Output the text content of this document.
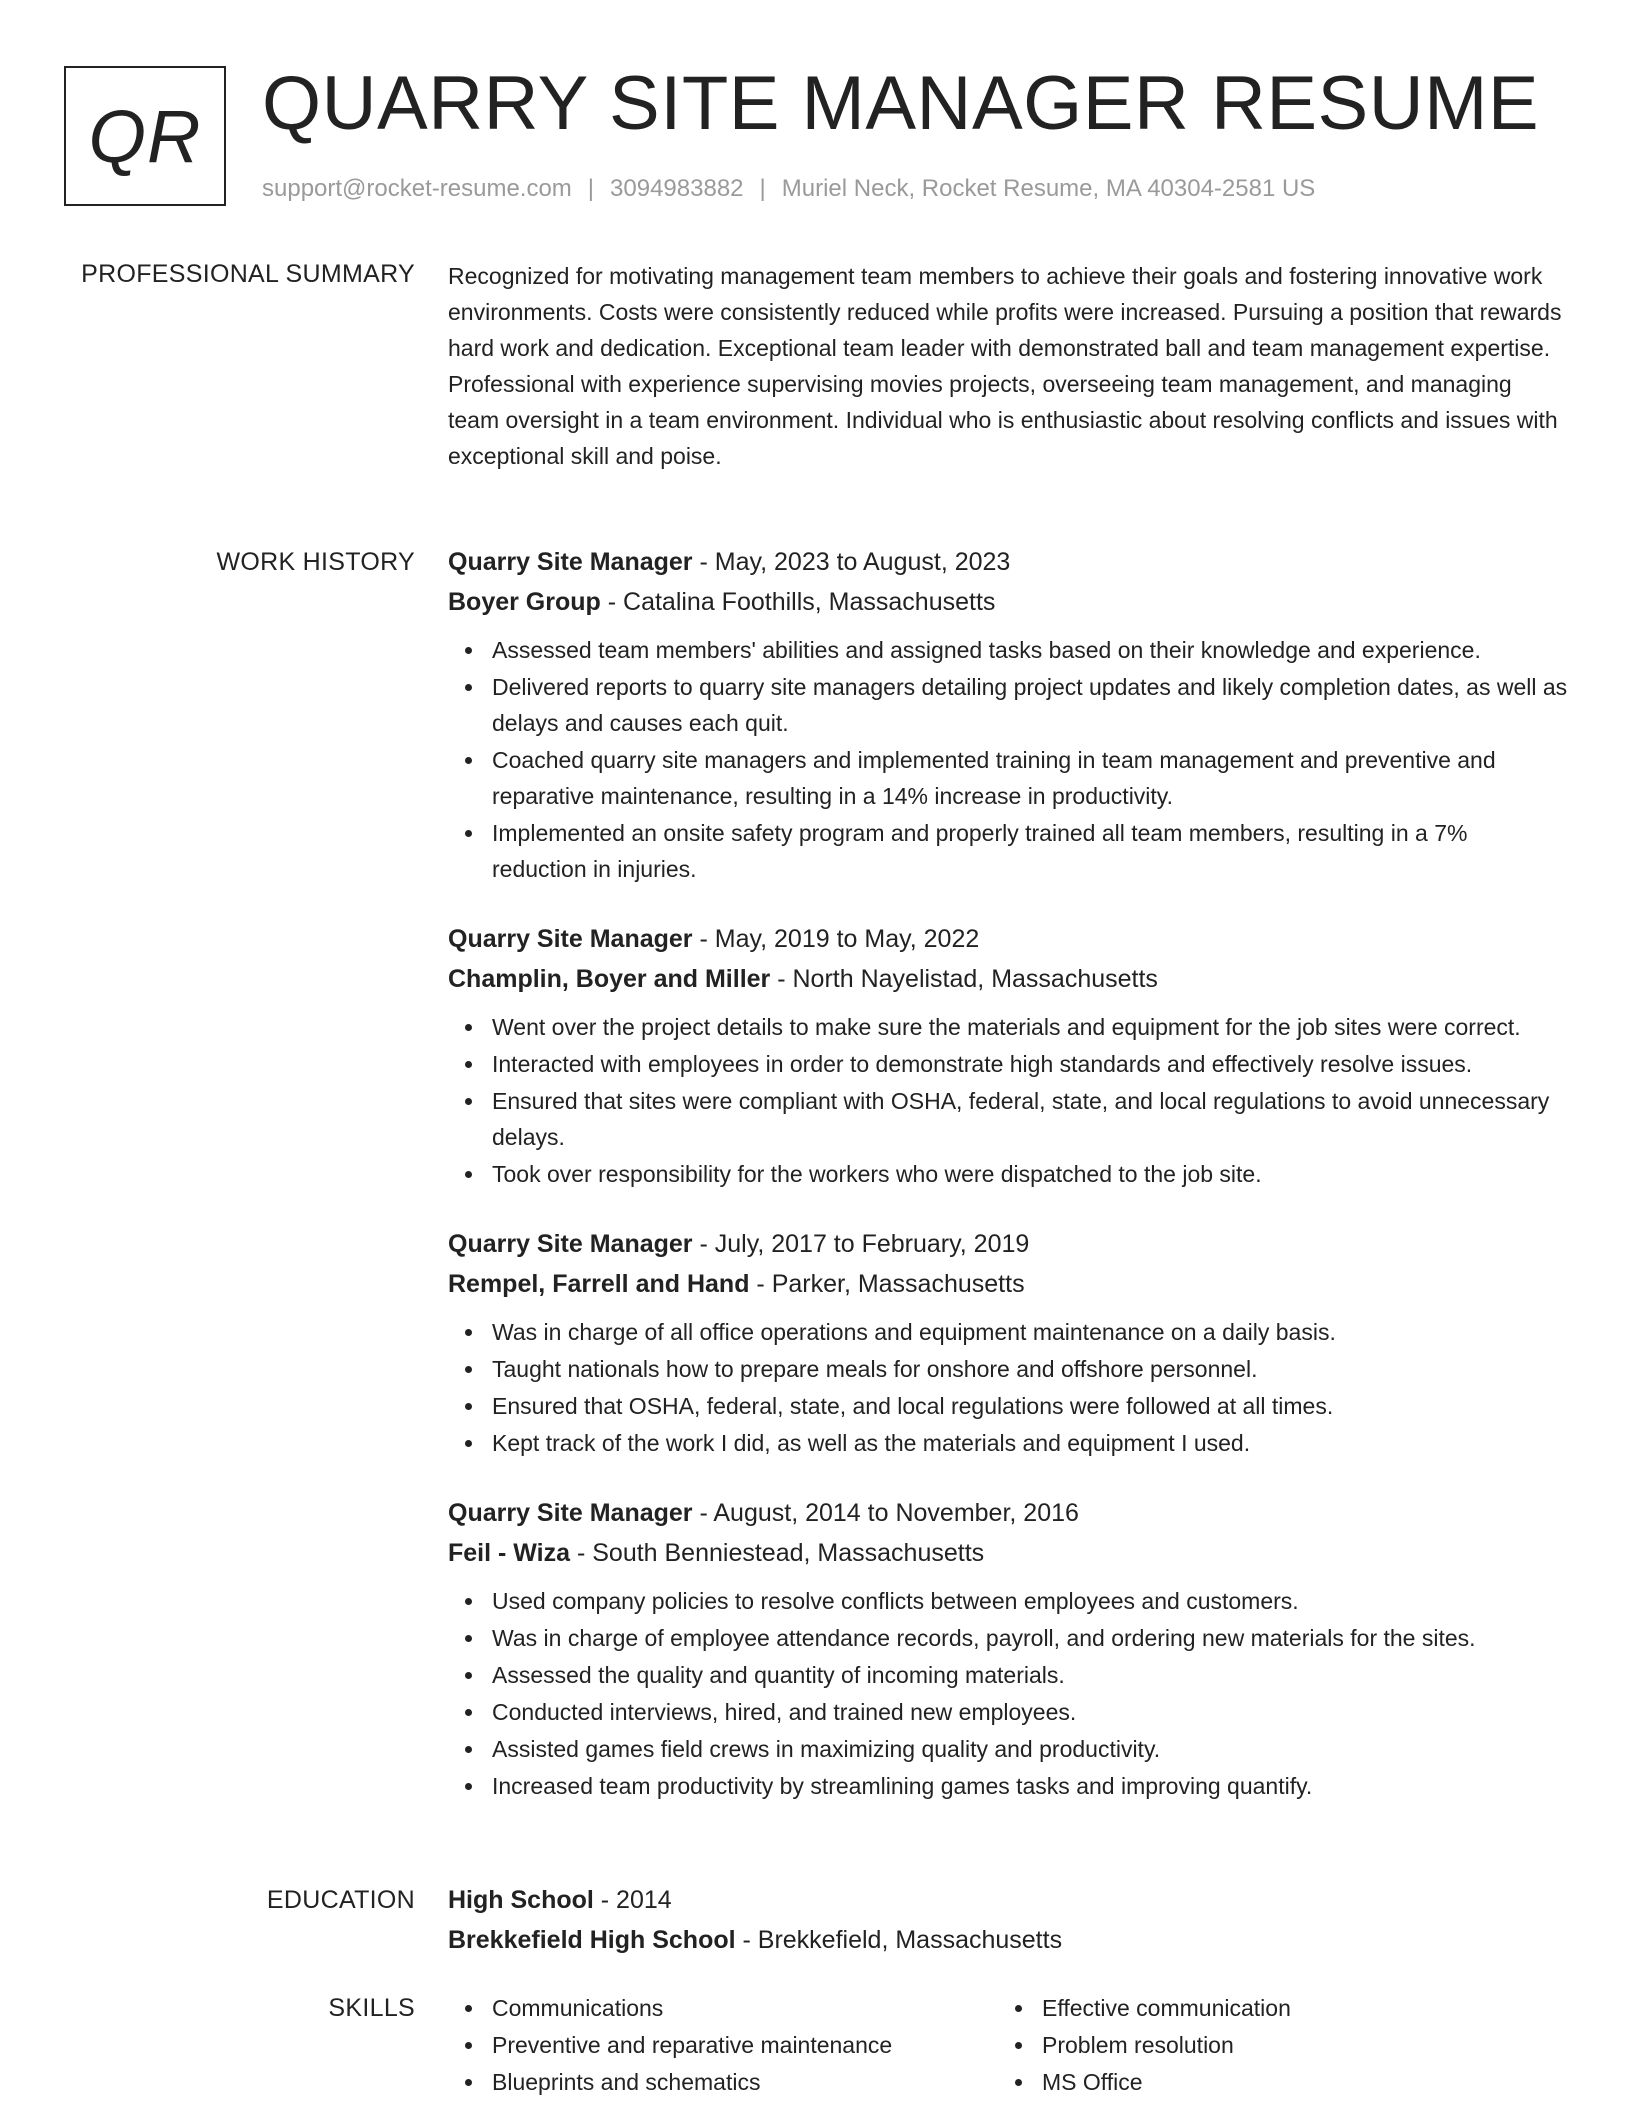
QR QUARRY SITE MANAGER RESUME
support@rocket-resume.com | 3094983882 | Muriel Neck, Rocket Resume, MA 40304-2581 US
PROFESSIONAL SUMMARY Recognized for motivating management team members to achieve their goals and fostering innovative work environments. Costs were consistently reduced while profits were increased. Pursuing a position that rewards hard work and dedication. Exceptional team leader with demonstrated ball and team management expertise. Professional with experience supervising movies projects, overseeing team management, and managing team oversight in a team environment. Individual who is enthusiastic about resolving conflicts and issues with exceptional skill and poise.

WORK HISTORY Quarry Site Manager - May, 2023 to August, 2023
Boyer Group - Catalina Foothills, Massachusetts
Assessed team members' abilities and assigned tasks based on their knowledge and experience.
Delivered reports to quarry site managers detailing project updates and likely completion dates, as well as delays and causes each quit.
Coached quarry site managers and implemented training in team management and preventive and reparative maintenance, resulting in a 14% increase in productivity.
Implemented an onsite safety program and properly trained all team members, resulting in a 7% reduction in injuries.
Quarry Site Manager - May, 2019 to May, 2022
Champlin, Boyer and Miller - North Nayelistad, Massachusetts
Went over the project details to make sure the materials and equipment for the job sites were correct.
Interacted with employees in order to demonstrate high standards and effectively resolve issues.
Ensured that sites were compliant with OSHA, federal, state, and local regulations to avoid unnecessary delays.
Took over responsibility for the workers who were dispatched to the job site.
Quarry Site Manager - July, 2017 to February, 2019
Rempel, Farrell and Hand - Parker, Massachusetts
Was in charge of all office operations and equipment maintenance on a daily basis.
Taught nationals how to prepare meals for onshore and offshore personnel.
Ensured that OSHA, federal, state, and local regulations were followed at all times.
Kept track of the work I did, as well as the materials and equipment I used.
Quarry Site Manager - August, 2014 to November, 2016
Feil - Wiza - South Benniestead, Massachusetts
Used company policies to resolve conflicts between employees and customers.
Was in charge of employee attendance records, payroll, and ordering new materials for the sites.
Assessed the quality and quantity of incoming materials.
Conducted interviews, hired, and trained new employees.
Assisted games field crews in maximizing quality and productivity.
Increased team productivity by streamlining games tasks and improving quantify.
EDUCATION High School - 2014
Brekkefield High School - Brekkefield, Massachusetts
SKILLS	Communications
Preventive and reparative maintenance
Blueprints and schematics
Effective communication
Problem resolution
MS Office
